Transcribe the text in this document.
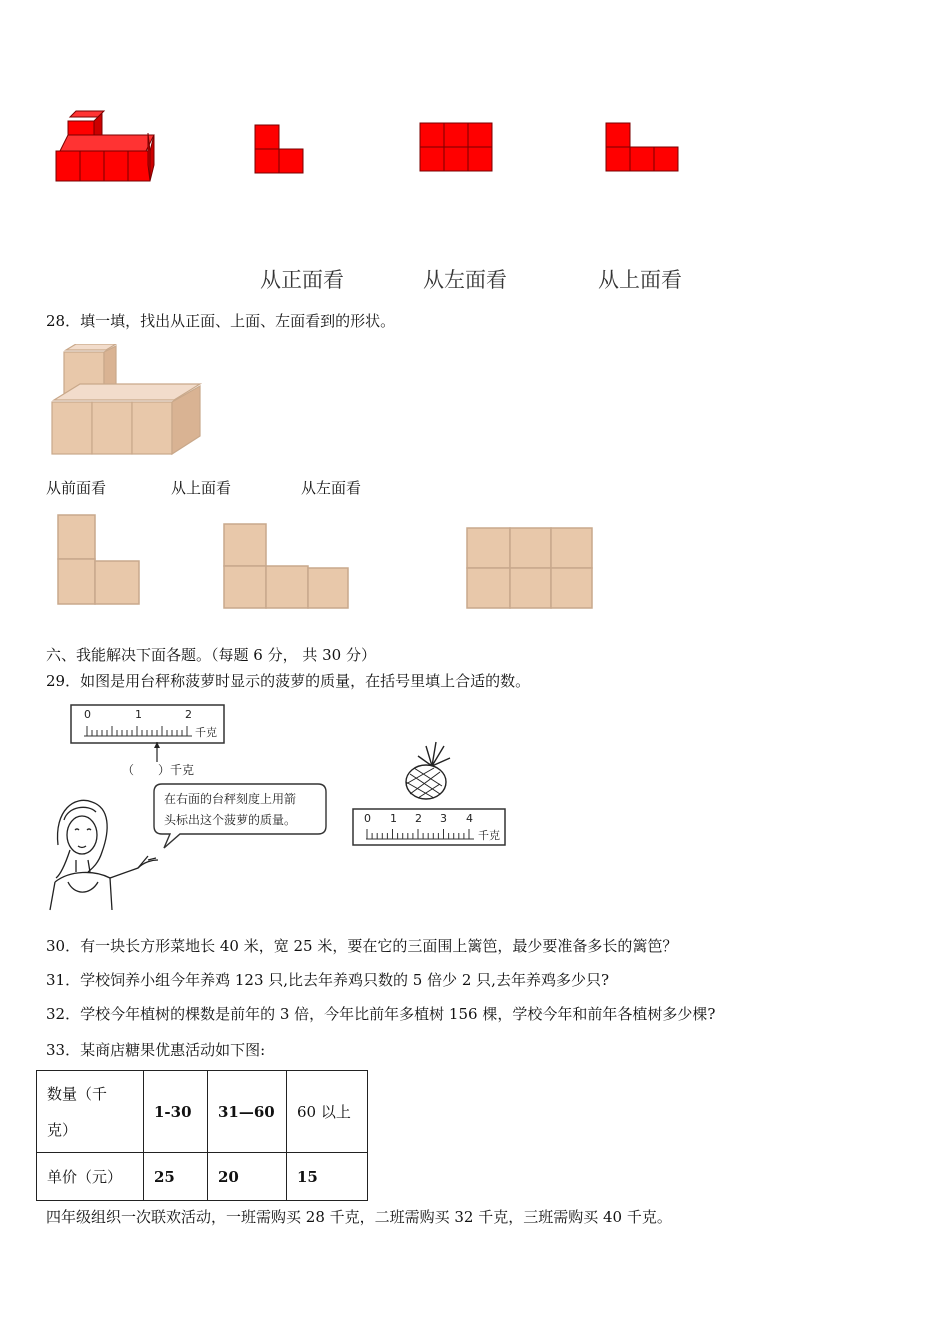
从正面看	从左面看	从上面看
28．填一填，找出从正面、上面、左面看到的形状。
从前面看	从上面看	从左面看
六、我能解决下面各题。（每题 6 分， 共 30 分）
29．如图是用台秤称菠萝时显示的菠萝的质量，在括号里填上合适的数。
0	1	2
千克
（　　）千克
在右面的台秤刻度上用箭
头标出这个菠萝的质量。	0 1 2 3 4
千克
30．有一块长方形菜地长 40 米，宽 25 米，要在它的三面围上篱笆，最少要准备多长的篱笆？
31．学校饲养小组今年养鸡 123 只,比去年养鸡只数的 5 倍少 2 只,去年养鸡多少只?
32．学校今年植树的棵数是前年的 3 倍，今年比前年多植树 156 棵，学校今年和前年各植树多少棵?
33．某商店糖果优惠活动如下图:
数量（千
克）	1-30	31—60	60 以上
单价（元）	25	20	15
四年级组织一次联欢活动，一班需购买 28 千克，二班需购买 32 千克，三班需购买 40 千克。
